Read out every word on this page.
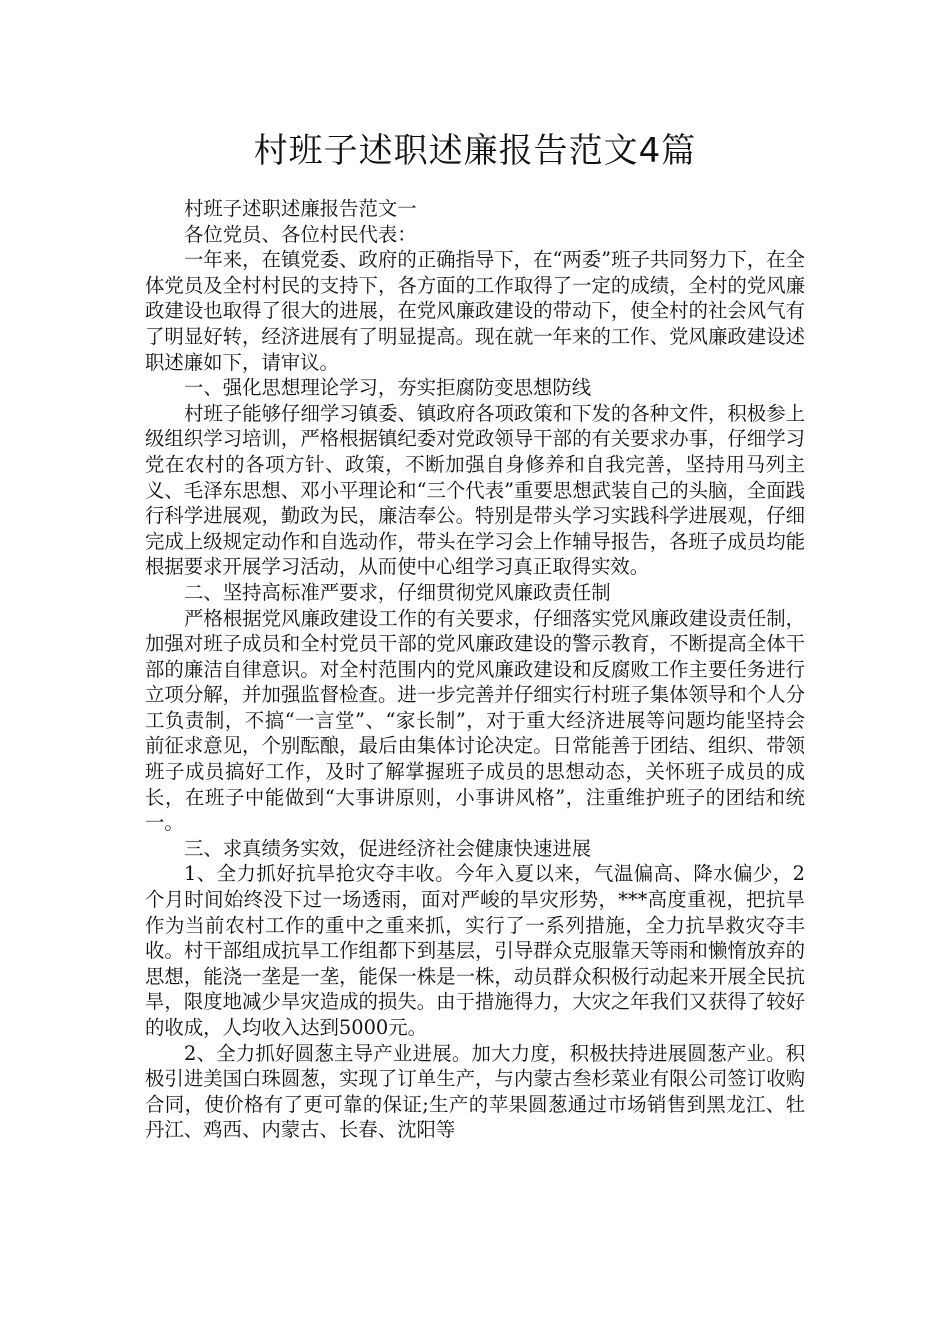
村班子述职述廉报告范文4篇

村班子述职述廉报告范文一

各位党员、各位村民代表：

一年来，在镇党委、政府的正确指导下，在“两委”班子共同努力下，在全体党员及全村村民的支持下，各方面的工作取得了一定的成绩，全村的党风廉政建设也取得了很大的进展，在党风廉政建设的带动下，使全村的社会风气有了明显好转，经济进展有了明显提高。现在就一年来的工作、党风廉政建设述职述廉如下，请审议。

一、强化思想理论学习，夯实拒腐防变思想防线

村班子能够仔细学习镇委、镇政府各项政策和下发的各种文件，积极参上级组织学习培训，严格根据镇纪委对党政领导干部的有关要求办事，仔细学习党在农村的各项方针、政策，不断加强自身修养和自我完善，坚持用马列主义、毛泽东思想、邓小平理论和“三个代表”重要思想武装自己的头脑，全面践行科学进展观，勤政为民，廉洁奉公。特别是带头学习实践科学进展观，仔细完成上级规定动作和自选动作，带头在学习会上作辅导报告，各班子成员均能根据要求开展学习活动，从而使中心组学习真正取得实效。

二、坚持高标准严要求，仔细贯彻党风廉政责任制

严格根据党风廉政建设工作的有关要求，仔细落实党风廉政建设责任制，加强对班子成员和全村党员干部的党风廉政建设的警示教育，不断提高全体干部的廉洁自律意识。对全村范围内的党风廉政建设和反腐败工作主要任务进行立项分解，并加强监督检查。进一步完善并仔细实行村班子集体领导和个人分工负责制，不搞“一言堂”、“家长制”，对于重大经济进展等问题均能坚持会前征求意见，个别酝酿，最后由集体讨论决定。日常能善于团结、组织、带领班子成员搞好工作，及时了解掌握班子成员的思想动态，关怀班子成员的成长，在班子中能做到“大事讲原则，小事讲风格”，注重维护班子的团结和统一。

三、求真绩务实效，促进经济社会健康快速进展

1、全力抓好抗旱抢灾夺丰收。今年入夏以来，气温偏高、降水偏少，2个月时间始终没下过一场透雨，面对严峻的旱灾形势，***高度重视，把抗旱作为当前农村工作的重中之重来抓，实行了一系列措施，全力抗旱救灾夺丰收。村干部组成抗旱工作组都下到基层，引导群众克服靠天等雨和懒惰放弃的思想，能浇一垄是一垄，能保一株是一株，动员群众积极行动起来开展全民抗旱，限度地减少旱灾造成的损失。由于措施得力，大灾之年我们又获得了较好的收成，人均收入达到5000元。

2、全力抓好圆葱主导产业进展。加大力度，积极扶持进展圆葱产业。积极引进美国白珠圆葱，实现了订单生产，与内蒙古叁杉菜业有限公司签订收购合同，使价格有了更可靠的保证;生产的苹果圆葱通过市场销售到黑龙江、牡丹江、鸡西、内蒙古、长春、沈阳等
